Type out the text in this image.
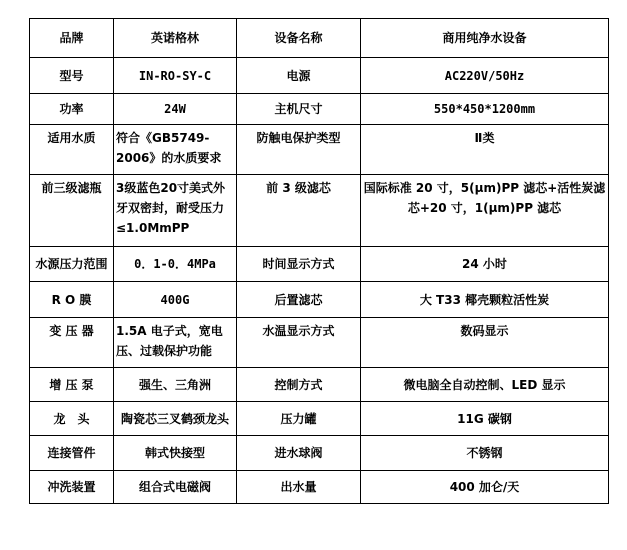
品牌	英诺格林	设备名称	商用纯净水设备
型号	IN-RO-SY-C	电源	AC220V/50Hz
功率	24W	主机尺寸	550*450*1200mm
适用水质	符合《GB5749-2006》的水质要求	防触电保护类型	Ⅱ类
前三级滤瓶	3级蓝色20寸美式外牙双密封，耐受压力≤1.0MmPP	前 3 级滤芯	国际标准 20 寸，5(μm)PP 滤芯+活性炭滤芯+20 寸，1(μm)PP 滤芯
水源压力范围	0．1-0．4MPa	时间显示方式	24 小时
R O 膜	400G	后置滤芯	大 T33 椰壳颗粒活性炭
变 压 器	1.5A 电子式，宽电压、过载保护功能	水温显示方式	数码显示
增 压 泵	强生、三角洲	控制方式	微电脑全自动控制、LED 显示
龙　头	陶瓷芯三叉鹤颈龙头	压力罐	11G 碳钢
连接管件	韩式快接型	进水球阀	不锈钢
冲洗装置	组合式电磁阀	出水量	400 加仑/天
